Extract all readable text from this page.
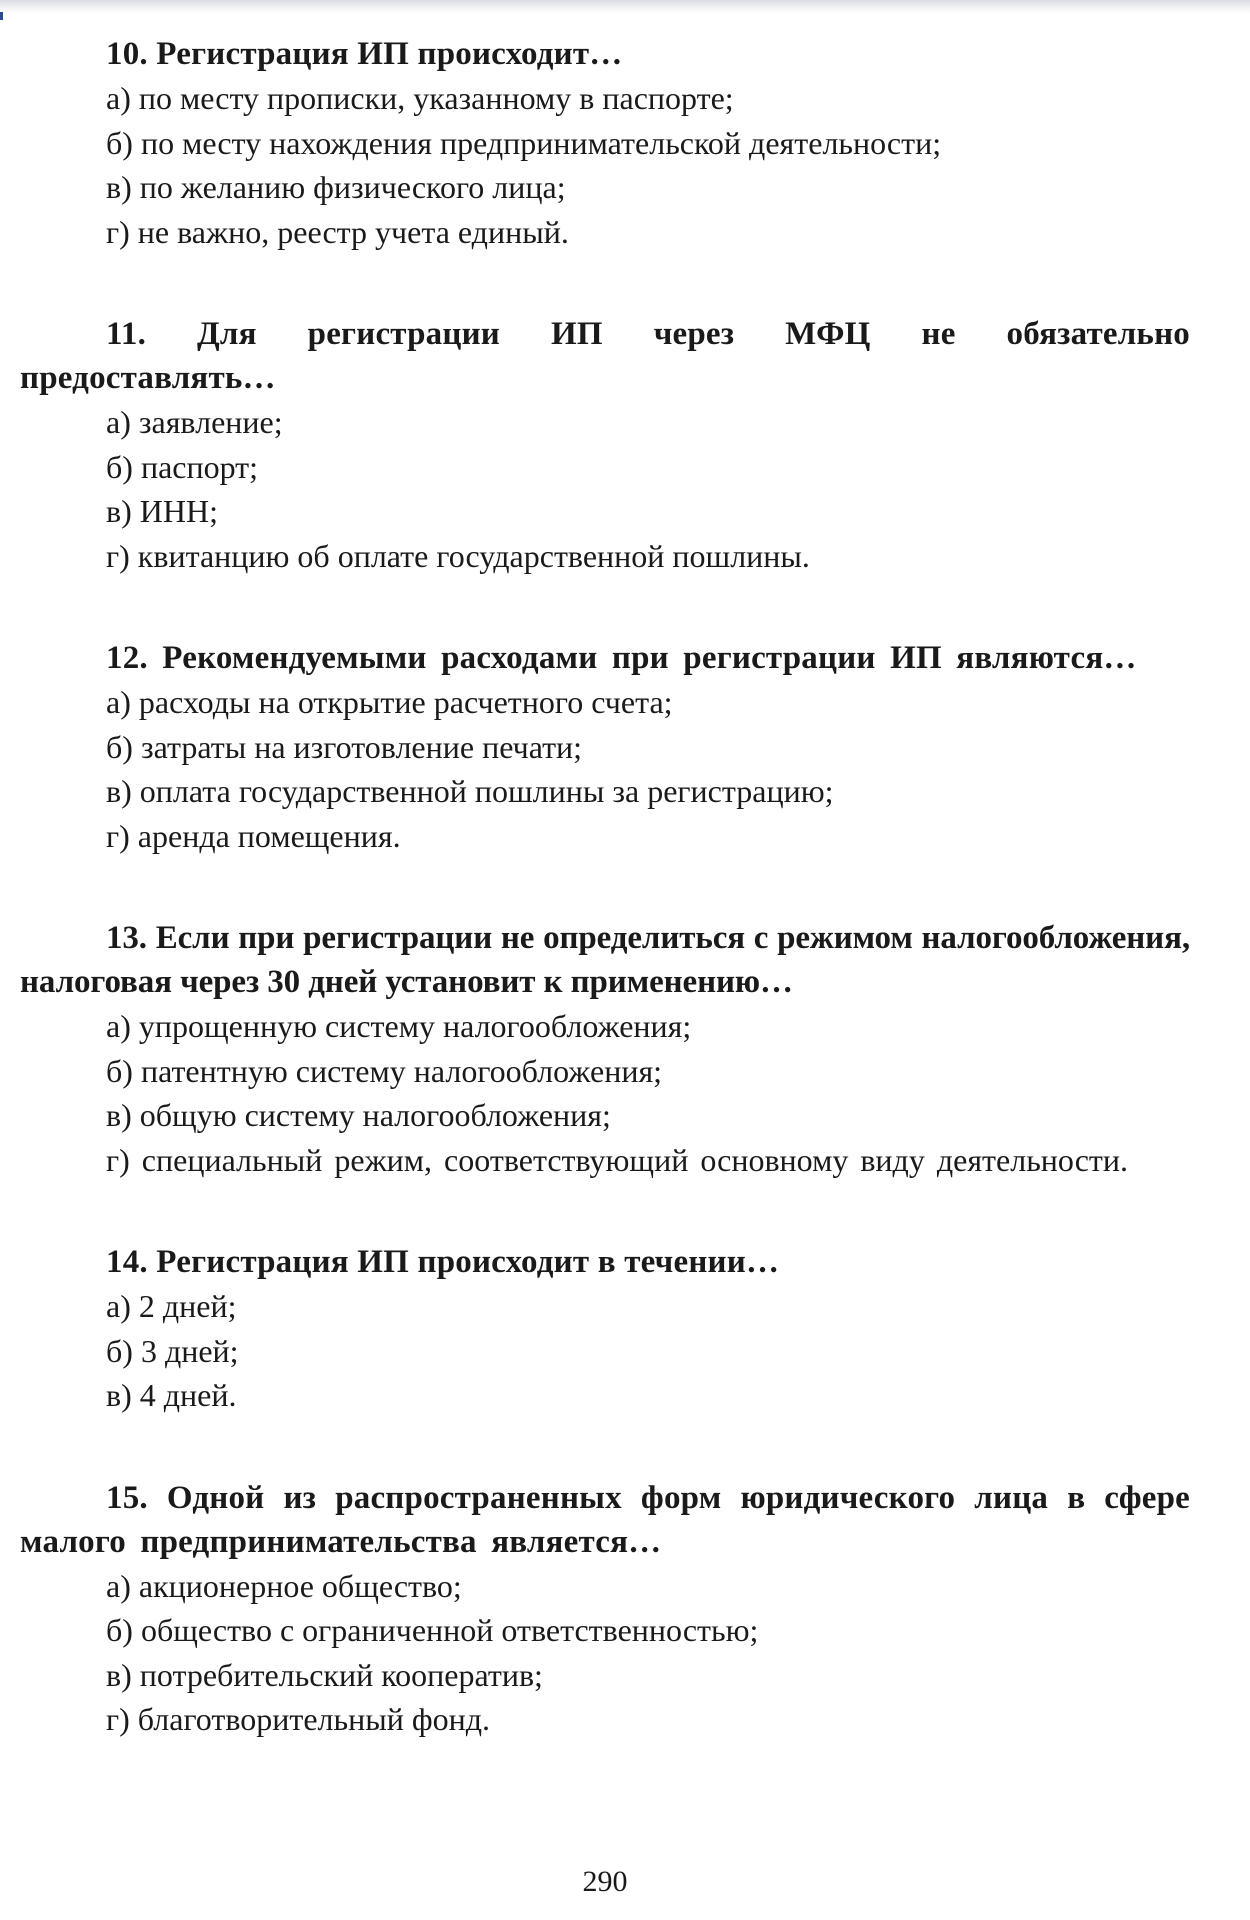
10. Регистрация ИП происходит…

а) по месту прописки, указанному в паспорте;

б) по месту нахождения предпринимательской деятельности;

в) по желанию физического лица;

г) не важно, реестр учета единый.

11. Для регистрации ИП через МФЦ не обязательно предоставлять…

а) заявление;

б) паспорт;

в) ИНН;

г) квитанцию об оплате государственной пошлины.

12. Рекомендуемыми расходами при регистрации ИП являются…

а) расходы на открытие расчетного счета;

б) затраты на изготовление печати;

в) оплата государственной пошлины за регистрацию;

г) аренда помещения.

13. Если при регистрации не определиться с режимом налогообложения, налоговая через 30 дней установит к применению…

а) упрощенную систему налогообложения;

б) патентную систему налогообложения;

в) общую систему налогообложения;

г) специальный режим, соответствующий основному виду деятельности.

14. Регистрация ИП происходит в течении…

а) 2 дней;

б) 3 дней;

в) 4 дней.

15. Одной из распространенных форм юридического лица в сфере малого предпринимательства является…

а) акционерное общество;

б) общество с ограниченной ответственностью;

в) потребительский кооператив;

г) благотворительный фонд.

290
